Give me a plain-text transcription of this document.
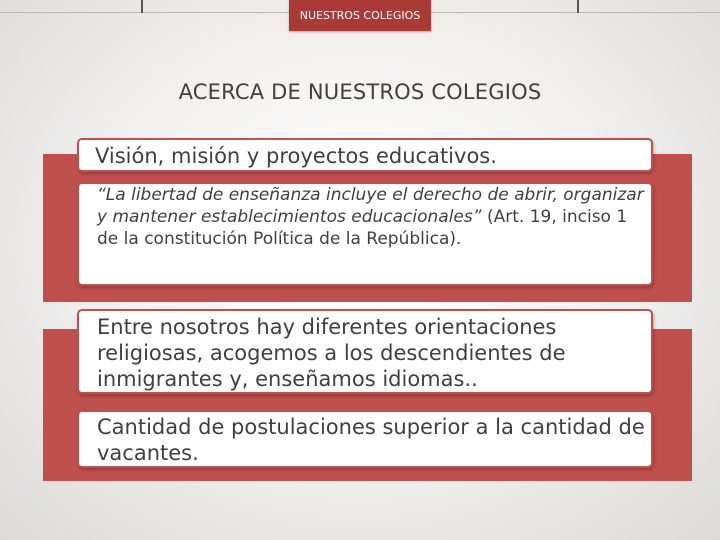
NUESTROS COLEGIOS
ACERCA DE NUESTROS COLEGIOS
Visión, misión y proyectos educativos.
“La libertad de enseñanza incluye el derecho de abrir, organizar y mantener establecimientos educacionales” (Art. 19, inciso 1 de la constitución Política de la República).
Entre nosotros hay diferentes orientaciones religiosas, acogemos a los descendientes de inmigrantes y, enseñamos idiomas..
Cantidad de postulaciones superior a la cantidad de vacantes.
